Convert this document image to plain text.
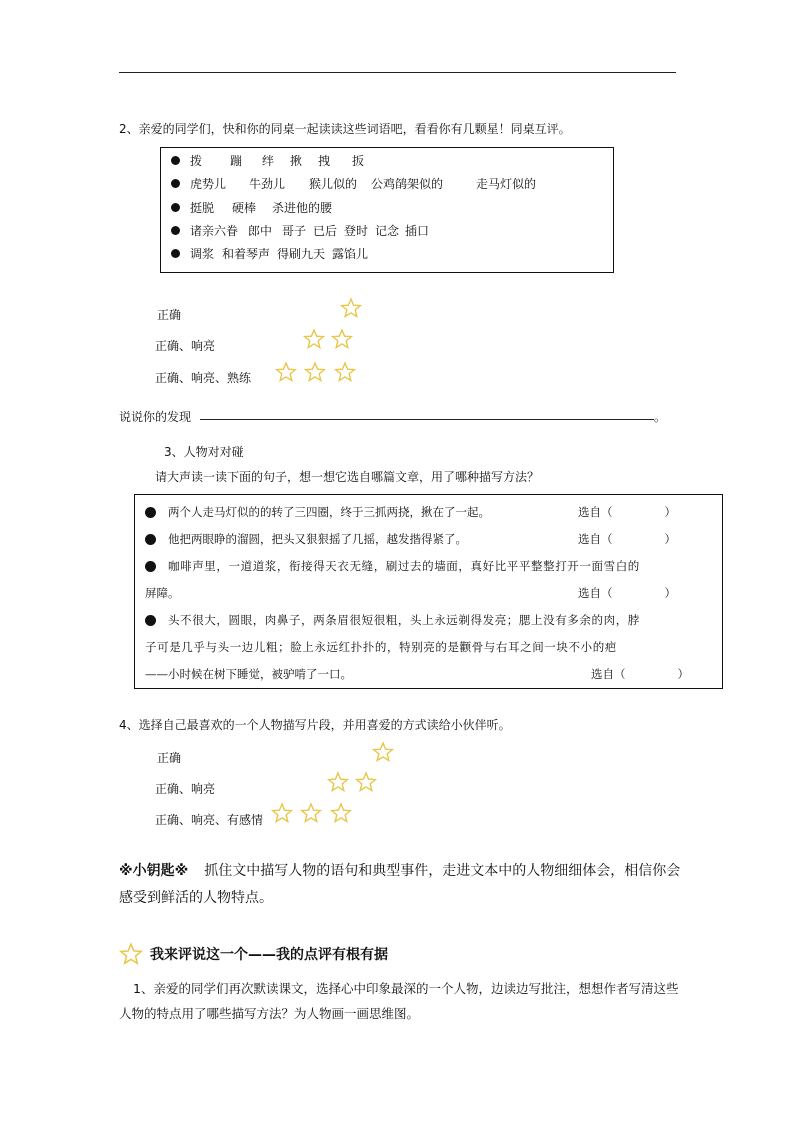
2、亲爱的同学们，快和你的同桌一起读读这些词语吧，看看你有几颗星！同桌互评。
拨	蹦	绊	揪	拽	扳
虎势儿	牛劲儿	猴儿似的	公鸡鹐架似的	走马灯似的
挺脱	硬棒	杀进他的腰
诸亲六眷 郎中 哥子 已后 登时 记念 插口
调浆 和着琴声 得刷九天 露馅儿
正确
正确、响亮
正确、响亮、熟练
说说你的发现	。
3、人物对对碰
请大声读一读下面的句子，想一想它选自哪篇文章，用了哪种描写方法？
两个人走马灯似的的转了三四圈，终于三抓两挠，揪在了一起。	选自（	）
他把两眼睁的溜圆，把头又狠狠摇了几摇，越发揩得紧了。	选自（	）
咖啡声里，一道道浆，衔接得天衣无缝，刷过去的墙面，真好比平平整整打开一面雪白的
屏障。	选自（	）
头不很大，圆眼，肉鼻子，两条眉很短很粗，头上永远剃得发亮；腮上没有多余的肉，脖
子可是几乎与头一边儿粗；脸上永远红扑扑的，特别亮的是颧骨与右耳之间一块不小的疤
——小时候在树下睡觉，被驴啃了一口。	选自（	）
4、选择自己最喜欢的一个人物描写片段，并用喜爱的方式读给小伙伴听。
正确
正确、响亮
正确、响亮、有感情
※小钥匙※ 抓住文中描写人物的语句和典型事件，走进文本中的人物细细体会，相信你会
感受到鲜活的人物特点。
我来评说这一个——我的点评有根有据
1、亲爱的同学们再次默读课文，选择心中印象最深的一个人物，边读边写批注，想想作者写清这些
人物的特点用了哪些描写方法？为人物画一画思维图。
